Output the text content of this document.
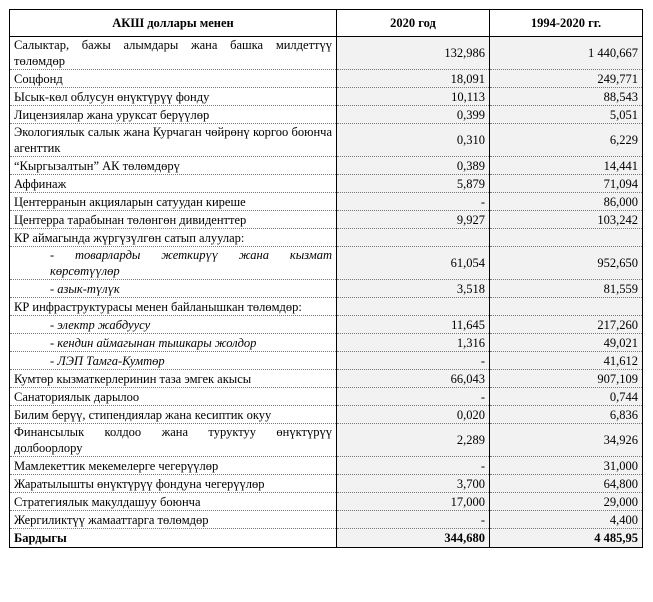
АКШ доллары менен	2020 год	1994-2020 гг.
Салыктар, бажы алымдары жана башка милдеттүү төлөмдөр	132,986	1 440,667
Соцфонд	18,091	249,771
Ысык-көл облусун өнүктүрүү фонду	10,113	88,543
Лицензиялар жана уруксат берүүлөр	0,399	5,051
Экологиялык салык жана Курчаган чөйрөнү коргоо боюнча агенттик	0,310	6,229
“Кыргызалтын” АК төлөмдөрү	0,389	14,441
Аффинаж	5,879	71,094
Центерранын акцияларын сатуудан киреше	-	86,000
Центерра тарабынан төлөнгөн дивиденттер	9,927	103,242
КР аймагында жүргүзүлгөн сатып алуулар:		
- товарларды жеткирүү жана кызмат көрсөтүүлөр	61,054	952,650
- азык-түлүк	3,518	81,559
КР инфраструктурасы менен байланышкан төлөмдөр:		
- электр жабдуусу	11,645	217,260
- кендин аймагынан тышкары жолдор	1,316	49,021
- ЛЭП Тамга-Кумтөр	-	41,612
Кумтөр кызматкерлеринин таза эмгек акысы	66,043	907,109
Санаториялык дарылоо	-	0,744
Билим берүү, стипендиялар жана кесиптик окуу	0,020	6,836
Финансылык колдоо жана туруктуу өнүктүрүү долбоорлору	2,289	34,926
Мамлекеттик мекемелерге чегерүүлөр	-	31,000
Жаратылышты өнүктүрүү фондуна чегерүүлөр	3,700	64,800
Стратегиялык макулдашуу боюнча	17,000	29,000
Жергиликтүү жамааттарга төлөмдөр	-	4,400
Бардыгы	344,680	4 485,95
